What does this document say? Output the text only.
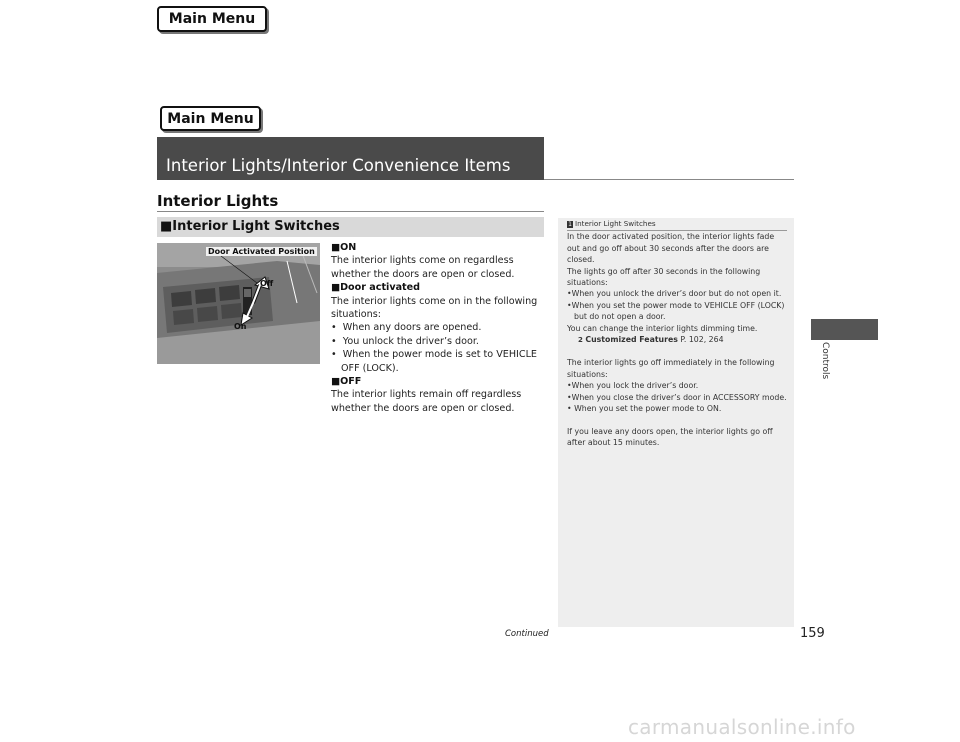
Main Menu
Main Menu
Interior Lights/Interior Convenience Items
Interior Lights
■Interior Light Switches
Door Activated Position
Off
On

■ON

The interior lights come on regardless whether the doors are open or closed.

■Door activated

The interior lights come on in the following situations:

•  When any doors are opened.

•  You unlock the driver’s door.

•  When the power mode is set to VEHICLE OFF (LOCK).

■OFF

The interior lights remain off regardless whether the doors are open or closed.

1 Interior Light Switches

In the door activated position, the interior lights fade out and go off about 30 seconds after the doors are closed.

The lights go off after 30 seconds in the following situations:

•When you unlock the driver’s door but do not open it.

•When you set the power mode to VEHICLE OFF (LOCK) but do not open a door.

You can change the interior lights dimming time.

2 Customized Features P. 102, 264

The interior lights go off immediately in the following situations:

•When you lock the driver’s door.

•When you close the driver’s door in ACCESSORY mode.

• When you set the power mode to ON.

If you leave any doors open, the interior lights go off after about 15 minutes.

Controls
Continued	159
carmanualsonline.info
